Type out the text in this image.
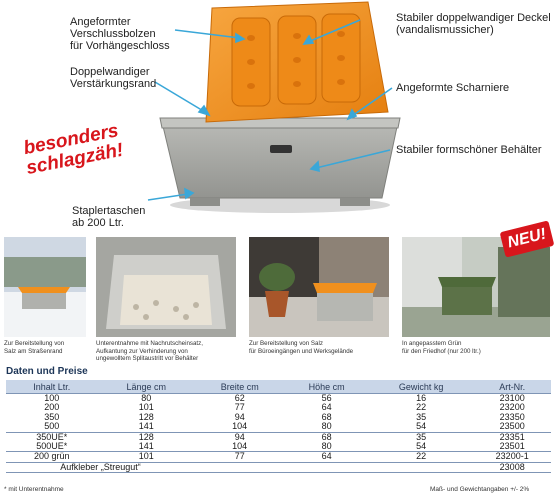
Angeformter
Verschlussbolzen
für Vorhängeschloss
Doppelwandiger
Verstärkungsrand
Staplertaschen
ab 200 Ltr.
Stabiler doppelwandiger Deckel
(vandalismussicher)
Angeformte Scharniere
Stabiler formschöner Behälter
besonders
schlagzäh!
NEU!
Zur Bereitstellung von
Salz am Straßenrand
Unterentnahme mit Nachrutscheinsatz,
Aufkantung zur Verhinderung von
ungewolltem Splitaustritt vor Behälter
Zur Bereitstellung von Salz
für Büroeingängen und Werksgelände
In angepasstem Grün
für den Friedhof (nur 200 ltr.)
Daten und Preise
Inhalt Ltr.	Länge cm	Breite cm	Höhe cm	Gewicht kg	Art-Nr.
100	80	62	56	16	23100
200	101	77	64	22	23200
350	128	94	68	35	23350
500	141	104	80	54	23500
350UE*	128	94	68	35	23351
500UE*	141	104	80	54	23501
200 grün	101	77	64	22	23200-1
Aufkleber „Streugut“					23008
* mit Unterentnahme	Maß- und Gewichtangaben +/- 2%
